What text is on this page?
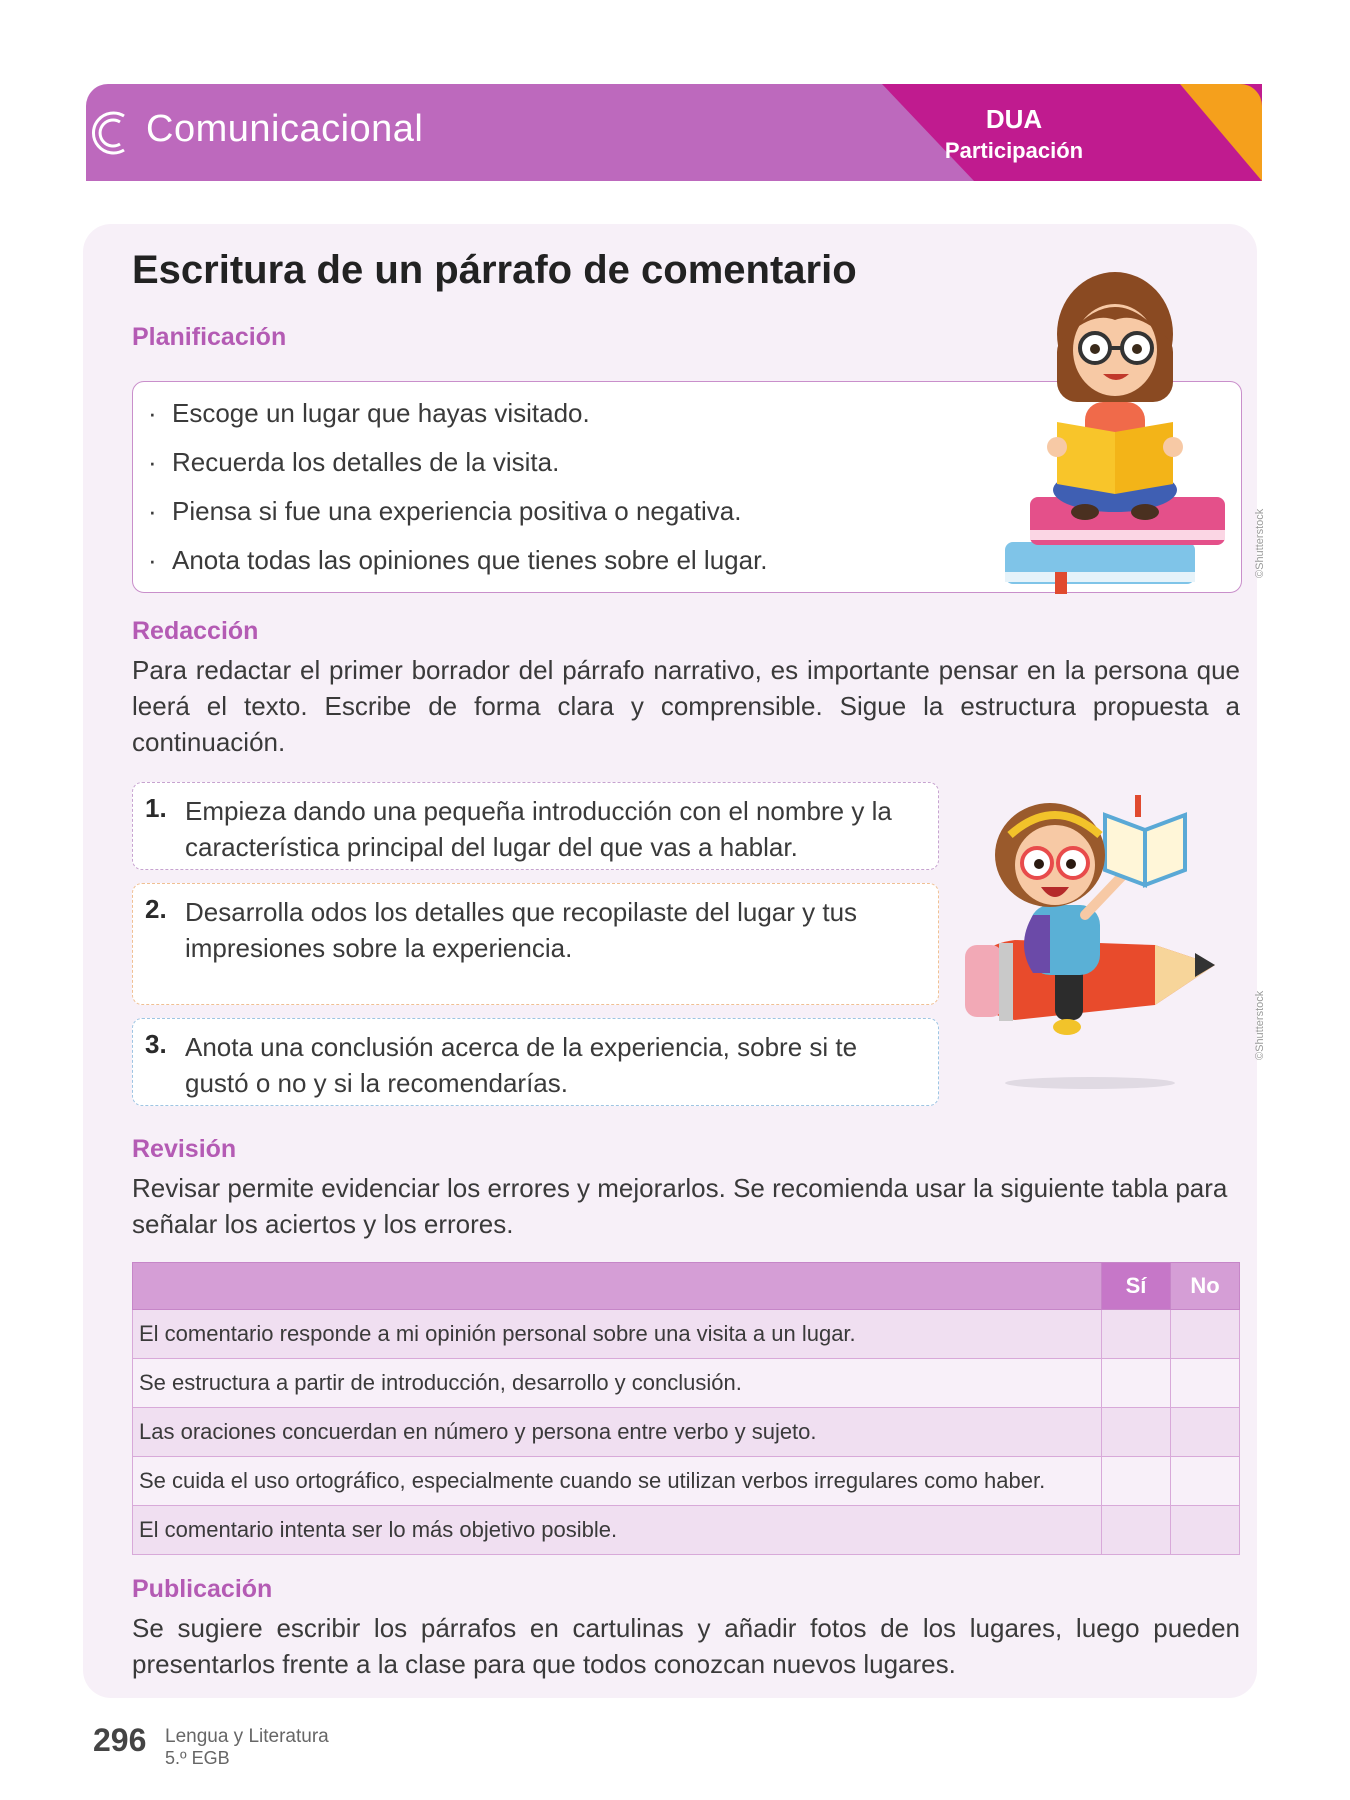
Comunicacional	DUA
Participación
Escritura de un párrafo de comentario
Planificación
· Escoge un lugar que hayas visitado.
· Recuerda los detalles de la visita.
· Piensa si fue una experiencia positiva o negativa.
· Anota todas las opiniones que tienes sobre el lugar.	©Shutterstock
Redacción
Para redactar el primer borrador del párrafo narrativo, es importante pensar en la persona que leerá el texto. Escribe de forma clara y comprensible. Sigue la estructura propuesta a continuación.
1. Empieza dando una pequeña introducción con el nombre y la característica principal del lugar del que vas a hablar.
2. Desarrolla odos los detalles que recopilaste del lugar y tus impresiones sobre la experiencia.
3. Anota una conclusión acerca de la experiencia, sobre si te gustó o no y si la recomendarías.
©Shutterstock
Revisión
Revisar permite evidenciar los errores y mejorarlos. Se recomienda usar la siguiente tabla para señalar los aciertos y los errores.
	Sí	No
El comentario responde a mi opinión personal sobre una visita a un lugar.		
Se estructura a partir de introducción, desarrollo y conclusión.		
Las oraciones concuerdan en número y persona entre verbo y sujeto.		
Se cuida el uso ortográfico, especialmente cuando se utilizan verbos irregulares como haber.		
El comentario intenta ser lo más objetivo posible.		
Publicación
Se sugiere escribir los párrafos en cartulinas y añadir fotos de los lugares, luego pueden presentarlos frente a la clase para que todos conozcan nuevos lugares.
296 Lengua y Literatura
5.º EGB
